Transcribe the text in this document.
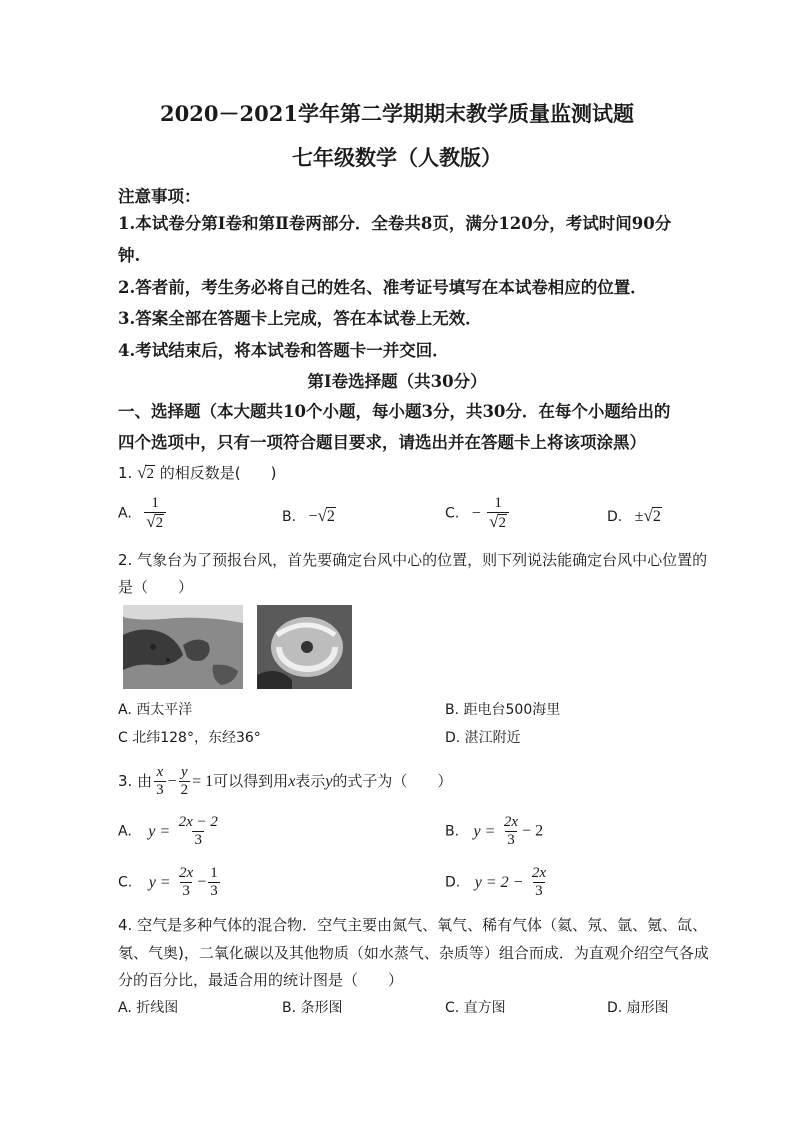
2020－2021学年第二学期期末教学质量监测试题
七年级数学（人教版）
注意事项：
1.本试卷分第Ⅰ卷和第Ⅱ卷两部分．全卷共8页，满分120分，考试时间90分
钟.
2.答者前，考生务必将自己的姓名、准考证号填写在本试卷相应的位置．
3.答案全部在答题卡上完成，答在本试卷上无效．
4.考试结束后，将本试卷和答题卡一并交回．
第Ⅰ卷选择题（共30分）
一、选择题（本大题共10个小题，每小题3分，共30分．在每个小题给出的
四个选项中，只有一项符合题目要求，请选出并在答题卡上将该项涂黑）
1. √2 的相反数是(　　)
A. $\frac{1}{√2}$	B. −√2	C. − $\frac{1}{√2}$	D. ±√2
2. 气象台为了预报台风，首先要确定台风中心的位置，则下列说法能确定台风中心位置的
是（　　）
A. 西太平洋	B. 距电台500海里
C 北纬128°，东经36°	D. 湛江附近
3. 由 $\frac{x}{3} - \frac{y}{2} = 1$可以得到用x表示y的式子为（　　）
A. $y = \frac{2x - 2}{3}$	B. $y = \frac{2x}{3} - 2$
C. $y = \frac{2x}{3} - \frac{1}{3}$	D. $y = 2 - \frac{2x}{3}$
4. 空气是多种气体的混合物．空气主要由氮气、氧气、稀有气体（氦、氖、氩、氪、氙、
氡、气奥)，二氧化碳以及其他物质（如水蒸气、杂质等）组合而成．为直观介绍空气各成
分的百分比，最适合用的统计图是（　　）
A. 折线图	B. 条形图	C. 直方图	D. 扇形图
